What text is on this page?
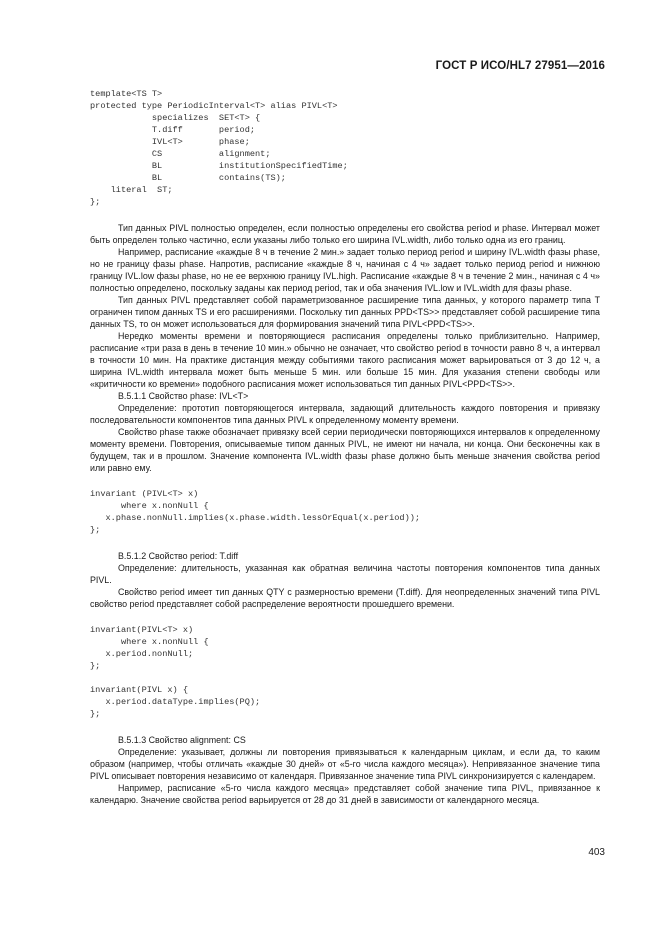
ГОСТ Р ИСО/HL7 27951—2016
template<TS T>
protected type PeriodicInterval<T> alias PIVL<T>
specializes  SET<T> {
T.diff       period;
IVL<T>       phase;
CS           alignment;
BL           institutionSpecifiedTime;
BL           contains(TS);
literal  ST;
};

Тип данных PIVL полностью определен, если полностью определены его свойства period и phase. Интервал может быть определен только частично, если указаны либо только его ширина IVL.width, либо только одна из его границ.

Например, расписание «каждые 8 ч в течение 2 мин.» задает только период period и ширину IVL.width фазы phase, но не границу фазы phase. Напротив, расписание «каждые 8 ч, начиная с 4 ч» задает только период period и нижнюю границу IVL.low фазы phase, но не ее верхнюю границу IVL.high. Расписание «каждые 8 ч в течение 2 мин., начиная с 4 ч» полностью определено, поскольку заданы как период period, так и оба значения IVL.low и IVL.width для фазы phase.

Тип данных PIVL представляет собой параметризованное расширение типа данных, у которого параметр типа T ограничен типом данных TS и его расширениями. Поскольку тип данных PPD<TS>> представляет собой расширение типа данных TS, то он может использоваться для формирования значений типа PIVL<PPD<TS>>.

Нередко моменты времени и повторяющиеся расписания определены только приблизительно. Например, расписание «три раза в день в течение 10 мин.» обычно не означает, что свойство period в точности равно 8 ч, а интервал в точности 10 мин. На практике дистанция между событиями такого расписания может варьироваться от 3 до 12 ч, а ширина IVL.width интервала может быть меньше 5 мин. или больше 15 мин. Для указания степени свободы или «критичности ко времени» подобного расписания может использоваться тип данных PIVL<PPD<TS>>.

B.5.1.1 Свойство phase: IVL<T>

Определение: прототип повторяющегося интервала, задающий длительность каждого повторения и привязку последовательности компонентов типа данных PIVL к определенному моменту времени.

Свойство phase также обозначает привязку всей серии периодически повторяющихся интервалов к определенному моменту времени. Повторения, описываемые типом данных PIVL, не имеют ни начала, ни конца. Они бесконечны как в будущем, так и в прошлом. Значение компонента IVL.width фазы phase должно быть меньше значения свойства period или равно ему.

invariant (PIVL<T> x)
where x.nonNull {
x.phase.nonNull.implies(x.phase.width.lessOrEqual(x.period));
};

B.5.1.2 Свойство period: T.diff

Определение: длительность, указанная как обратная величина частоты повторения компонентов типа данных PIVL.

Свойство period имеет тип данных QTY с размерностью времени (T.diff). Для неопределенных значений типа PIVL свойство period представляет собой распределение вероятности прошедшего времени.

invariant(PIVL<T> x)
where x.nonNull {
x.period.nonNull;
};

invariant(PIVL x) {
x.period.dataType.implies(PQ);
};

B.5.1.3 Свойство alignment: CS

Определение: указывает, должны ли повторения привязываться к календарным циклам, и если да, то каким образом (например, чтобы отличать «каждые 30 дней» от «5-го числа каждого месяца»). Непривязанное значение типа PIVL описывает повторения независимо от календаря. Привязанное значение типа PIVL синхронизируется с календарем.

Например, расписание «5-го числа каждого месяца» представляет собой значение типа PIVL, привязанное к календарю. Значение свойства period варьируется от 28 до 31 дней в зависимости от календарного месяца.

403
